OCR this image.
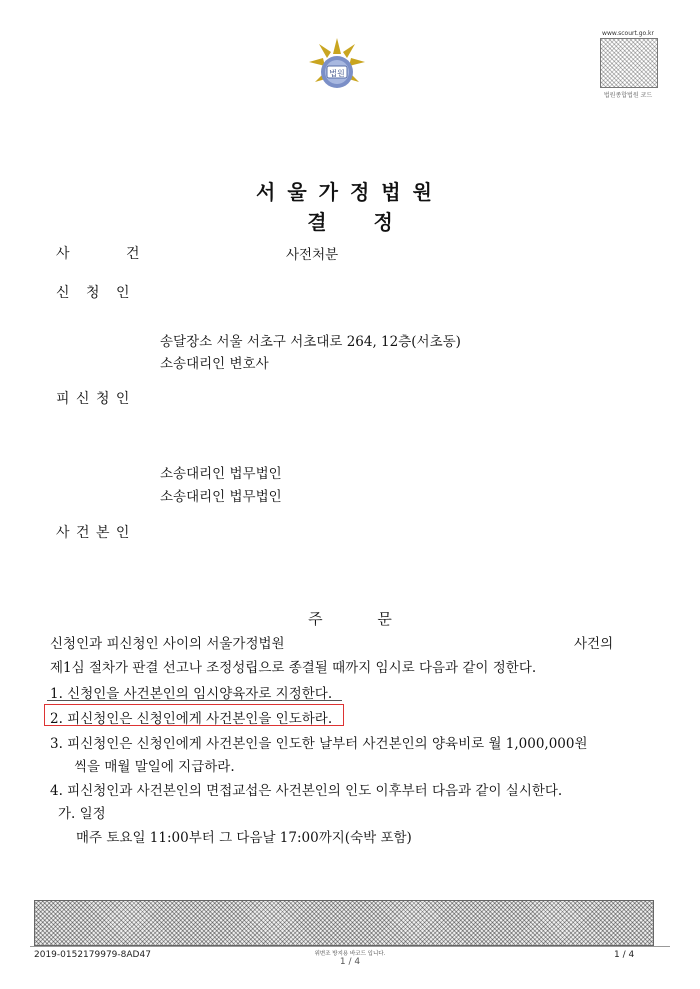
법원
www.scourt.go.kr
법원종합법원 코드
서울가정법원
결 정
사 건	사전처분
신 청 인
송달장소 서울 서초구 서초대로 264, 12층(서초동)
소송대리인 변호사
피 신 청 인
소송대리인 법무법인
소송대리인 법무법인
사 건 본 인
주 문
신청인과 피신청인 사이의 서울가정법원	사건의
제1심 절차가 판결 선고나 조정성립으로 종결될 때까지 임시로 다음과 같이 정한다.
1. 신청인을 사건본인의 임시양육자로 지정한다.
2. 피신청인은 신청인에게 사건본인을 인도하라.
3. 피신청인은 신청인에게 사건본인을 인도한 날부터 사건본인의 양육비로 월 1,000,000원
씩을 매월 말일에 지급하라.
4. 피신청인과 사건본인의 면접교섭은 사건본인의 인도 이후부터 다음과 같이 실시한다.
가. 일정
매주 토요일 11:00부터 그 다음날 17:00까지(숙박 포함)
2019-0152179979-8AD47	위변조 방지용 바코드 입니다.
1 / 4
1 / 4
